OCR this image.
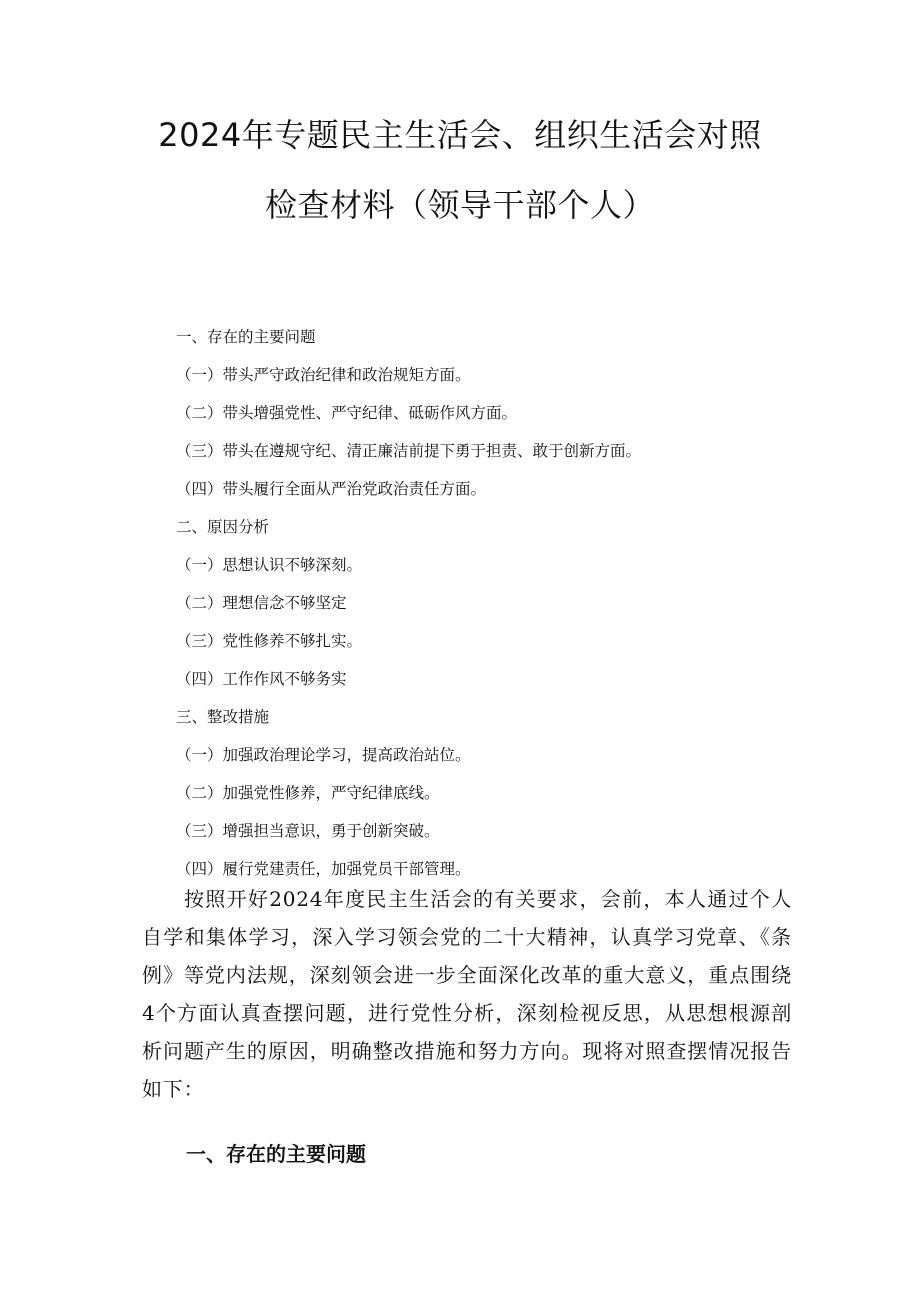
2024年专题民主生活会、组织生活会对照
检查材料（领导干部个人）
一、存在的主要问题
（一）带头严守政治纪律和政治规矩方面。
（二）带头增强党性、严守纪律、砥砺作风方面。
（三）带头在遵规守纪、清正廉洁前提下勇于担责、敢于创新方面。
（四）带头履行全面从严治党政治责任方面。
二、原因分析
（一）思想认识不够深刻。
（二）理想信念不够坚定
（三）党性修养不够扎实。
（四）工作作风不够务实
三、整改措施
（一）加强政治理论学习，提高政治站位。
（二）加强党性修养，严守纪律底线。
（三）增强担当意识，勇于创新突破。
（四）履行党建责任，加强党员干部管理。

按照开好2024年度民主生活会的有关要求，会前，本人通过个人自学和集体学习，深入学习领会党的二十大精神，认真学习党章、《条例》等党内法规，深刻领会进一步全面深化改革的重大意义，重点围绕4个方面认真查摆问题，进行党性分析，深刻检视反思，从思想根源剖析问题产生的原因，明确整改措施和努力方向。现将对照查摆情况报告如下：

一、存在的主要问题
